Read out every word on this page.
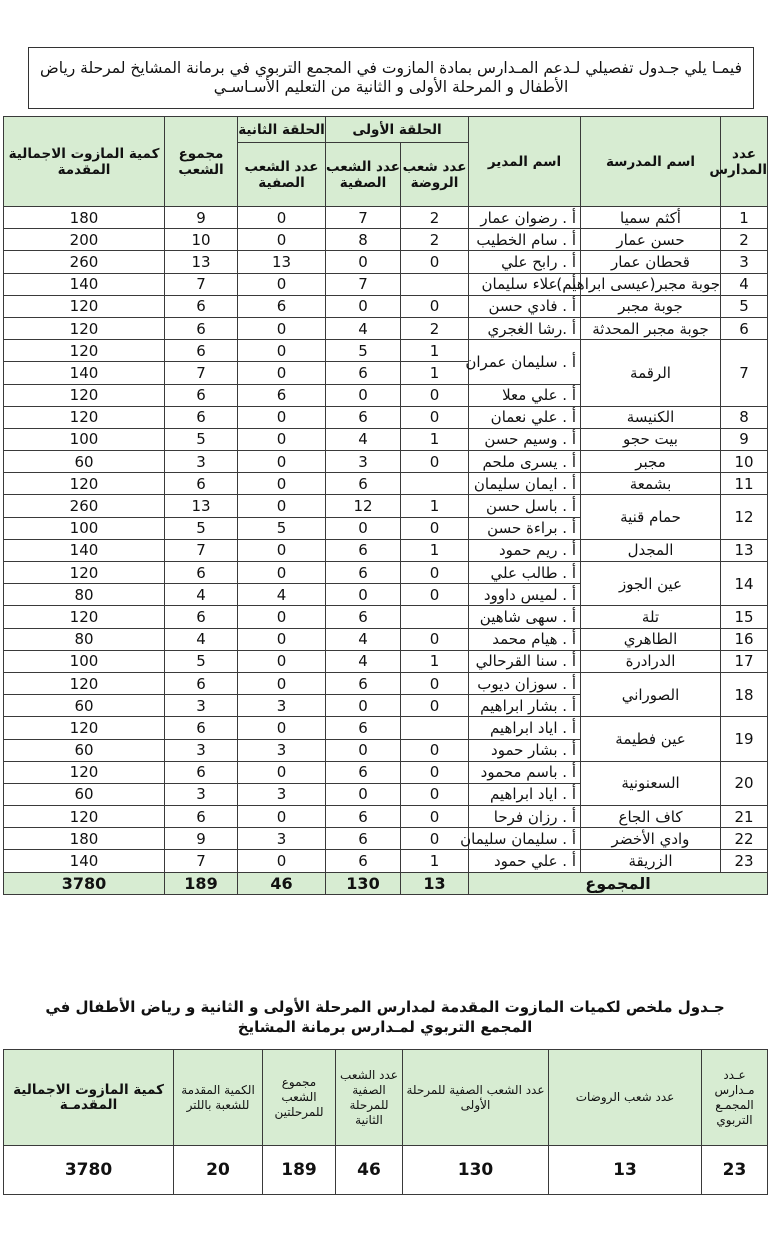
فيمـا يلي جـدول تفصيلي لـدعم المـدارس بمادة المازوت في المجمع التربوي في برمانة المشايخ لمرحلة رياض الأطفال و المرحلة الأولى و الثانية من التعليم الأسـاسـي
عدد المدارس	اسم المدرسة	اسم المدير	الحلقة الأولى		الحلقة الثانية	مجموع الشعب	كمية المازوت الاجمالية المقدمة
			عدد شعب الروضة	عدد الشعب الصفية	عدد الشعب الصفية		
1	أكثم سميا	أ . رضوان عمار	2	7	0	9	180
2	حسن عمار	أ . سام الخطيب	2	8	0	10	200
3	قحطان عمار	أ . رابح علي	0	0	13	13	260
4	جوبة مجبر(عيسى ابراهيم)	أ . علاء سليمان		7	0	7	140
5	جوبة مجبر	أ . فادي حسن	0	0	6	6	120
6	جوبة مجبر المحدثة	أ .رشا الغجري	2	4	0	6	120
7	الرقمة	أ . سليمان عمران	1	5	0	6	120
			1	6	0	7	140
		أ . علي معلا	0	0	6	6	120
8	الكنيسة	أ . علي نعمان	0	6	0	6	120
9	بيت حجو	أ . وسيم حسن	1	4	0	5	100
10	مجبر	أ . يسرى ملحم	0	3	0	3	60
11	بشمعة	أ . ايمان سليمان		6	0	6	120
12	حمام قنية	أ . باسل حسن	1	12	0	13	260
		أ . براءة حسن	0	0	5	5	100
13	المجدل	أ . ريم حمود	1	6	0	7	140
14	عين الجوز	أ . طالب علي	0	6	0	6	120
		أ . لميس داوود	0	0	4	4	80
15	تلة	أ . سهى شاهين		6	0	6	120
16	الطاهري	أ . هيام محمد	0	4	0	4	80
17	الدرادرة	أ . سنا القرحالي	1	4	0	5	100
18	الصوراني	أ . سوزان ديوب	0	6	0	6	120
		أ . بشار ابراهيم	0	0	3	3	60
19	عين فطيمة	أ . اياد ابراهيم		6	0	6	120
		أ . بشار حمود	0	0	3	3	60
20	السعنونية	أ . باسم محمود	0	6	0	6	120
		أ . اياد ابراهيم	0	0	3	3	60
21	كاف الجاع	أ . رزان فرحا	0	6	0	6	120
22	وادي الأخضر	أ . سليمان سليمان	0	6	3	9	180
23	الزريقة	أ . علي حمود	1	6	0	7	140
المجموع			13	130	46	189	3780
جـدول ملخص لكميات المازوت المقدمة لمدارس المرحلة الأولى و الثانية و رياض الأطفال في المجمع التربوي لمـدارس برمانة المشايخ
عـدد مـدارس المجمـع التربوي	عدد شعب الروضات	عدد الشعب الصفية للمرحلة الأولى	عدد الشعب الصفية للمرحلة الثانية	مجموع الشعب للمرحلتين	الكمية المقدمة للشعبة باللتر	كمية المازوت الاجمالية المقدمـة
23	13	130	46	189	20	3780
